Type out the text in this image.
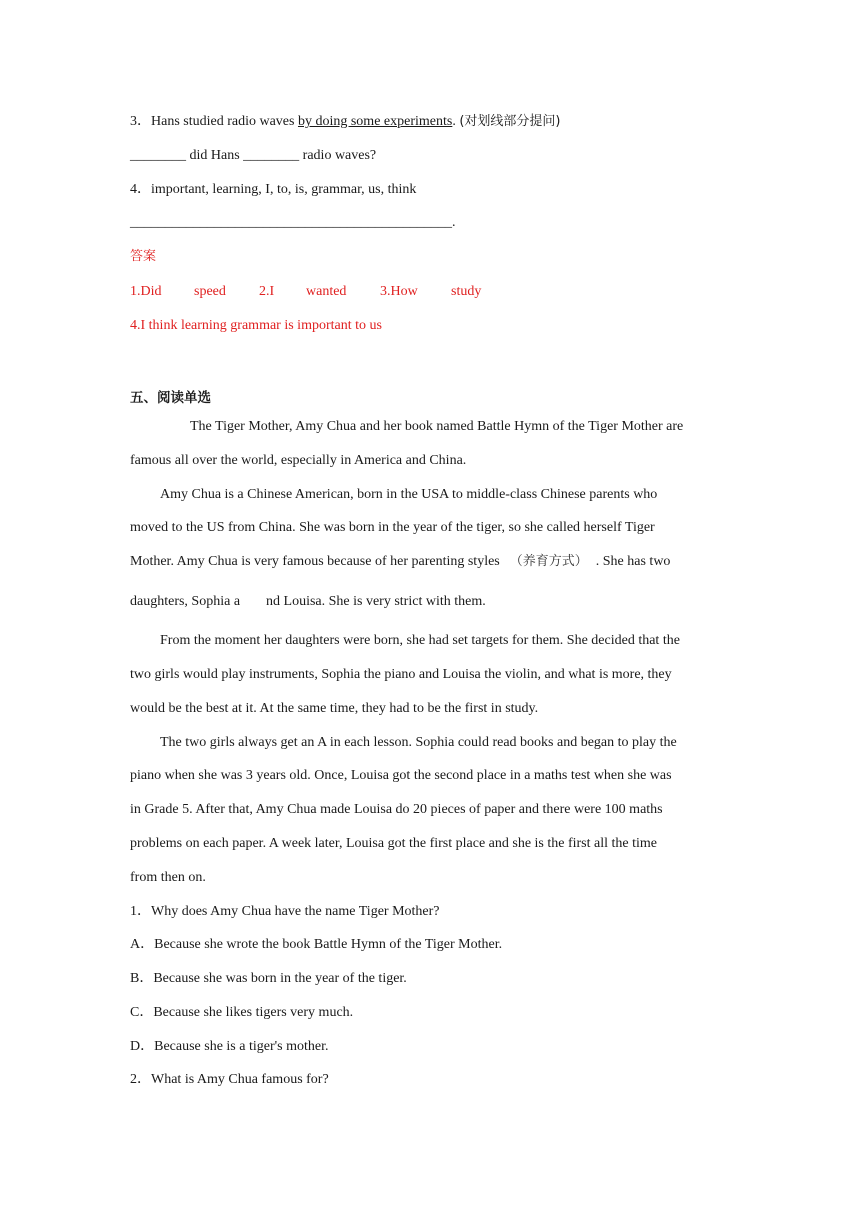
3．Hans studied radio waves by doing some experiments. (对划线部分提问)
________ did Hans ________ radio waves?
4．important, learning, I, to, is, grammar, us, think
______________________________________________.
答案
1.Did speed 2.I wanted 3.How study
4.I think learning grammar is important to us
五、阅读单选
The Tiger Mother, Amy Chua and her book named Battle Hymn of the Tiger Mother are
famous all over the world, especially in America and China.
Amy Chua is a Chinese American, born in the USA to middle-class Chinese parents who
moved to the US from China. She was born in the year of the tiger, so she called herself Tiger
Mother. Amy Chua is very famous because of her parenting styles （养育方式） . She has two
daughters, Sophia a nd Louisa. She is very strict with them.
From the moment her daughters were born, she had set targets for them. She decided that the
two girls would play instruments, Sophia the piano and Louisa the violin, and what is more, they
would be the best at it. At the same time, they had to be the first in study.
The two girls always get an A in each lesson. Sophia could read books and began to play the
piano when she was 3 years old. Once, Louisa got the second place in a maths test when she was
in Grade 5. After that, Amy Chua made Louisa do 20 pieces of paper and there were 100 maths
problems on each paper. A week later, Louisa got the first place and she is the first all the time
from then on.
1．Why does Amy Chua have the name Tiger Mother?
A．Because she wrote the book Battle Hymn of the Tiger Mother.
B．Because she was born in the year of the tiger.
C．Because she likes tigers very much.
D．Because she is a tiger's mother.
2．What is Amy Chua famous for?
